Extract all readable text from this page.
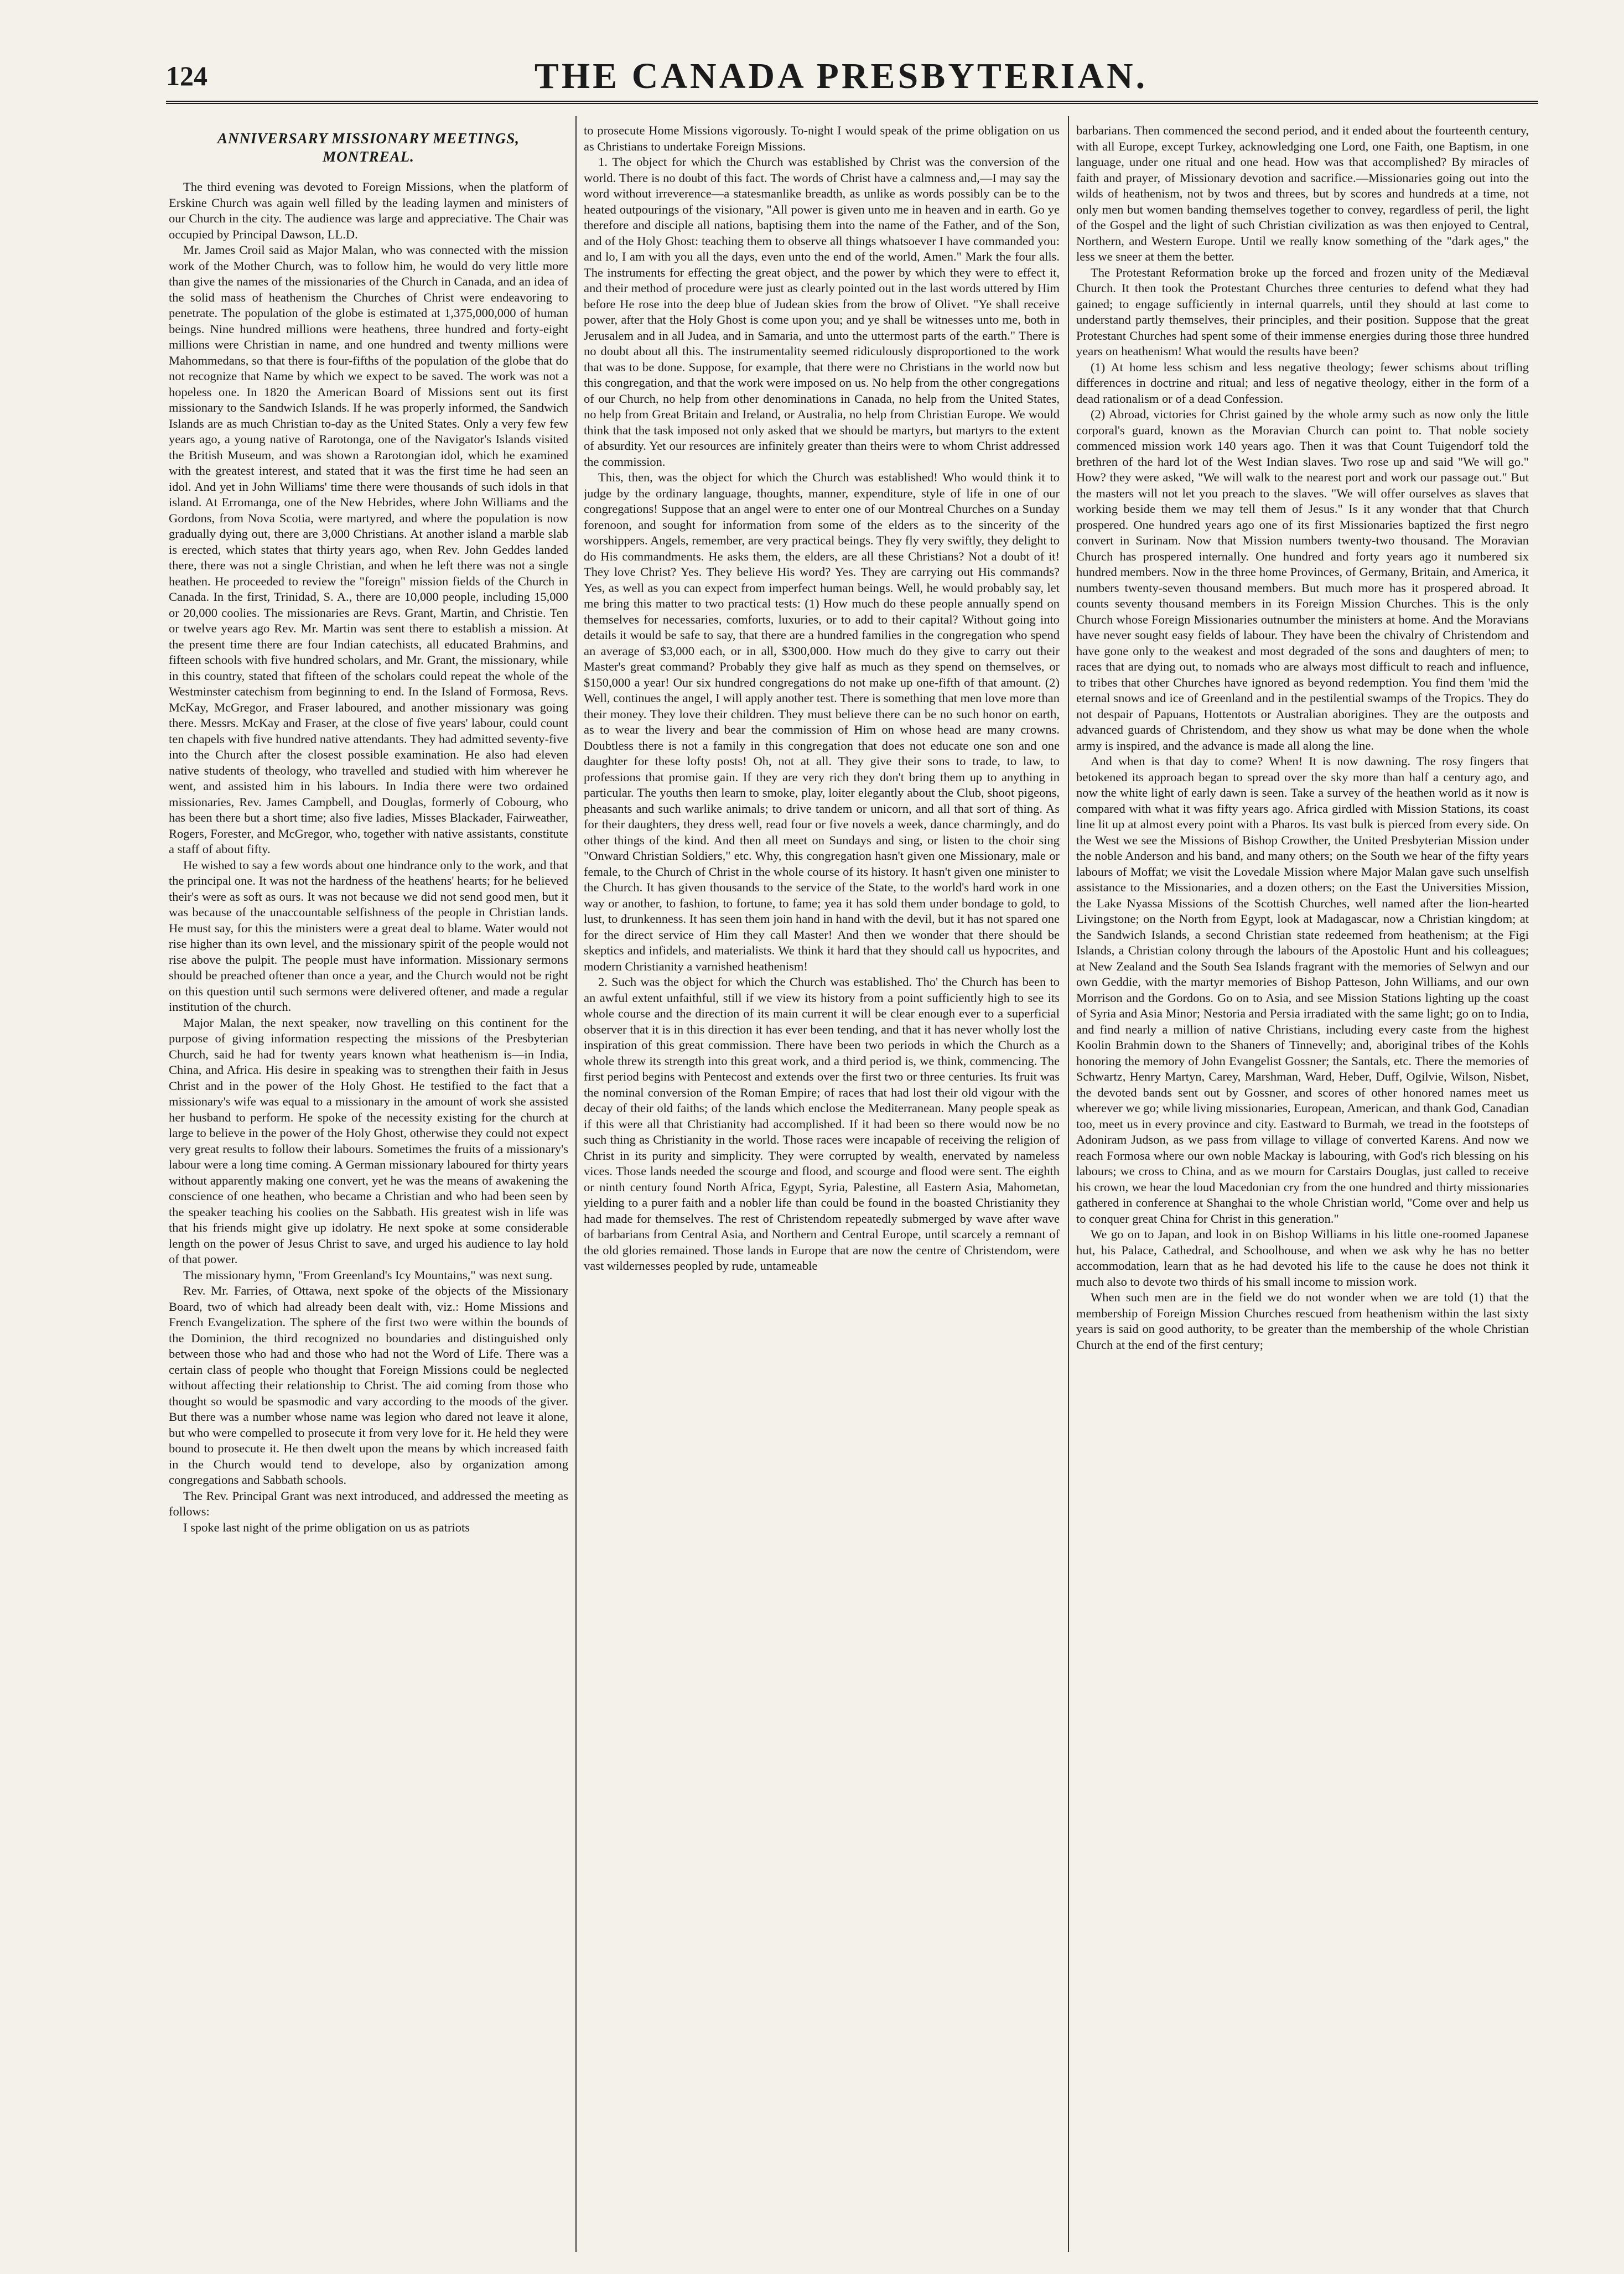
124	THE CANADA PRESBYTERIAN.
ANNIVERSARY MISSIONARY MEETINGS, MONTREAL.

The third evening was devoted to Foreign Missions, when the platform of Erskine Church was again well filled by the leading laymen and ministers of our Church in the city. The audience was large and appreciative. The Chair was occupied by Principal Dawson, LL.D.

Mr. James Croil said as Major Malan, who was connected with the mission work of the Mother Church, was to follow him, he would do very little more than give the names of the missionaries of the Church in Canada, and an idea of the solid mass of heathenism the Churches of Christ were endeavoring to penetrate. The population of the globe is estimated at 1,375,000,000 of human beings. Nine hundred millions were heathens, three hundred and forty-eight millions were Christian in name, and one hundred and twenty millions were Mahommedans, so that there is four-fifths of the population of the globe that do not recognize that Name by which we expect to be saved. The work was not a hopeless one. In 1820 the American Board of Missions sent out its first missionary to the Sandwich Islands. If he was properly informed, the Sandwich Islands are as much Christian to-day as the United States. Only a very few few years ago, a young native of Rarotonga, one of the Navigator's Islands visited the British Museum, and was shown a Rarotongian idol, which he examined with the greatest interest, and stated that it was the first time he had seen an idol. And yet in John Williams' time there were thousands of such idols in that island. At Erromanga, one of the New Hebrides, where John Williams and the Gordons, from Nova Scotia, were martyred, and where the population is now gradually dying out, there are 3,000 Christians. At another island a marble slab is erected, which states that thirty years ago, when Rev. John Geddes landed there, there was not a single Christian, and when he left there was not a single heathen. He proceeded to review the "foreign" mission fields of the Church in Canada. In the first, Trinidad, S. A., there are 10,000 people, including 15,000 or 20,000 coolies. The missionaries are Revs. Grant, Martin, and Christie. Ten or twelve years ago Rev. Mr. Martin was sent there to establish a mission. At the present time there are four Indian catechists, all educated Brahmins, and fifteen schools with five hundred scholars, and Mr. Grant, the missionary, while in this country, stated that fifteen of the scholars could repeat the whole of the Westminster catechism from beginning to end. In the Island of Formosa, Revs. McKay, McGregor, and Fraser laboured, and another missionary was going there. Messrs. McKay and Fraser, at the close of five years' labour, could count ten chapels with five hundred native attendants. They had admitted seventy-five into the Church after the closest possible examination. He also had eleven native students of theology, who travelled and studied with him wherever he went, and assisted him in his labours. In India there were two ordained missionaries, Rev. James Campbell, and Douglas, formerly of Cobourg, who has been there but a short time; also five ladies, Misses Blackader, Fairweather, Rogers, Forester, and McGregor, who, together with native assistants, constitute a staff of about fifty.

He wished to say a few words about one hindrance only to the work, and that the principal one. It was not the hardness of the heathens' hearts; for he believed their's were as soft as ours. It was not because we did not send good men, but it was because of the unaccountable selfishness of the people in Christian lands. He must say, for this the ministers were a great deal to blame. Water would not rise higher than its own level, and the missionary spirit of the people would not rise above the pulpit. The people must have information. Missionary sermons should be preached oftener than once a year, and the Church would not be right on this question until such sermons were delivered oftener, and made a regular institution of the church.

Major Malan, the next speaker, now travelling on this continent for the purpose of giving information respecting the missions of the Presbyterian Church, said he had for twenty years known what heathenism is—in India, China, and Africa. His desire in speaking was to strengthen their faith in Jesus Christ and in the power of the Holy Ghost. He testified to the fact that a missionary's wife was equal to a missionary in the amount of work she assisted her husband to perform. He spoke of the necessity existing for the church at large to believe in the power of the Holy Ghost, otherwise they could not expect very great results to follow their labours. Sometimes the fruits of a missionary's labour were a long time coming. A German missionary laboured for thirty years without apparently making one convert, yet he was the means of awakening the conscience of one heathen, who became a Christian and who had been seen by the speaker teaching his coolies on the Sabbath. His greatest wish in life was that his friends might give up idolatry. He next spoke at some considerable length on the power of Jesus Christ to save, and urged his audience to lay hold of that power.

The missionary hymn, "From Greenland's Icy Mountains," was next sung.

Rev. Mr. Farries, of Ottawa, next spoke of the objects of the Missionary Board, two of which had already been dealt with, viz.: Home Missions and French Evangelization. The sphere of the first two were within the bounds of the Dominion, the third recognized no boundaries and distinguished only between those who had and those who had not the Word of Life. There was a certain class of people who thought that Foreign Missions could be neglected without affecting their relationship to Christ. The aid coming from those who thought so would be spasmodic and vary according to the moods of the giver. But there was a number whose name was legion who dared not leave it alone, but who were compelled to prosecute it from very love for it. He held they were bound to prosecute it. He then dwelt upon the means by which increased faith in the Church would tend to develope, also by organization among congregations and Sabbath schools.

The Rev. Principal Grant was next introduced, and addressed the meeting as follows:

I spoke last night of the prime obligation on us as patriots

to prosecute Home Missions vigorously. To-night I would speak of the prime obligation on us as Christians to undertake Foreign Missions.

1. The object for which the Church was established by Christ was the conversion of the world. There is no doubt of this fact. The words of Christ have a calmness and,—I may say the word without irreverence—a statesmanlike breadth, as unlike as words possibly can be to the heated outpourings of the visionary, "All power is given unto me in heaven and in earth. Go ye therefore and disciple all nations, baptising them into the name of the Father, and of the Son, and of the Holy Ghost: teaching them to observe all things whatsoever I have commanded you: and lo, I am with you all the days, even unto the end of the world, Amen." Mark the four alls. The instruments for effecting the great object, and the power by which they were to effect it, and their method of procedure were just as clearly pointed out in the last words uttered by Him before He rose into the deep blue of Judean skies from the brow of Olivet. "Ye shall receive power, after that the Holy Ghost is come upon you; and ye shall be witnesses unto me, both in Jerusalem and in all Judea, and in Samaria, and unto the uttermost parts of the earth." There is no doubt about all this. The instrumentality seemed ridiculously disproportioned to the work that was to be done. Suppose, for example, that there were no Christians in the world now but this congregation, and that the work were imposed on us. No help from the other congregations of our Church, no help from other denominations in Canada, no help from the United States, no help from Great Britain and Ireland, or Australia, no help from Christian Europe. We would think that the task imposed not only asked that we should be martyrs, but martyrs to the extent of absurdity. Yet our resources are infinitely greater than theirs were to whom Christ addressed the commission.

This, then, was the object for which the Church was established! Who would think it to judge by the ordinary language, thoughts, manner, expenditure, style of life in one of our congregations! Suppose that an angel were to enter one of our Montreal Churches on a Sunday forenoon, and sought for information from some of the elders as to the sincerity of the worshippers. Angels, remember, are very practical beings. They fly very swiftly, they delight to do His commandments. He asks them, the elders, are all these Christians? Not a doubt of it! They love Christ? Yes. They believe His word? Yes. They are carrying out His commands? Yes, as well as you can expect from imperfect human beings. Well, he would probably say, let me bring this matter to two practical tests: (1) How much do these people annually spend on themselves for necessaries, comforts, luxuries, or to add to their capital? Without going into details it would be safe to say, that there are a hundred families in the congregation who spend an average of $3,000 each, or in all, $300,000. How much do they give to carry out their Master's great command? Probably they give half as much as they spend on themselves, or $150,000 a year! Our six hundred congregations do not make up one-fifth of that amount. (2) Well, continues the angel, I will apply another test. There is something that men love more than their money. They love their children. They must believe there can be no such honor on earth, as to wear the livery and bear the commission of Him on whose head are many crowns. Doubtless there is not a family in this congregation that does not educate one son and one daughter for these lofty posts! Oh, not at all. They give their sons to trade, to law, to professions that promise gain. If they are very rich they don't bring them up to anything in particular. The youths then learn to smoke, play, loiter elegantly about the Club, shoot pigeons, pheasants and such warlike animals; to drive tandem or unicorn, and all that sort of thing. As for their daughters, they dress well, read four or five novels a week, dance charmingly, and do other things of the kind. And then all meet on Sundays and sing, or listen to the choir sing "Onward Christian Soldiers," etc. Why, this congregation hasn't given one Missionary, male or female, to the Church of Christ in the whole course of its history. It hasn't given one minister to the Church. It has given thousands to the service of the State, to the world's hard work in one way or another, to fashion, to fortune, to fame; yea it has sold them under bondage to gold, to lust, to drunkenness. It has seen them join hand in hand with the devil, but it has not spared one for the direct service of Him they call Master! And then we wonder that there should be skeptics and infidels, and materialists. We think it hard that they should call us hypocrites, and modern Christianity a varnished heathenism!

2. Such was the object for which the Church was established. Tho' the Church has been to an awful extent unfaithful, still if we view its history from a point sufficiently high to see its whole course and the direction of its main current it will be clear enough ever to a superficial observer that it is in this direction it has ever been tending, and that it has never wholly lost the inspiration of this great commission. There have been two periods in which the Church as a whole threw its strength into this great work, and a third period is, we think, commencing. The first period begins with Pentecost and extends over the first two or three centuries. Its fruit was the nominal conversion of the Roman Empire; of races that had lost their old vigour with the decay of their old faiths; of the lands which enclose the Mediterranean. Many people speak as if this were all that Christianity had accomplished. If it had been so there would now be no such thing as Christianity in the world. Those races were incapable of receiving the religion of Christ in its purity and simplicity. They were corrupted by wealth, enervated by nameless vices. Those lands needed the scourge and flood, and scourge and flood were sent. The eighth or ninth century found North Africa, Egypt, Syria, Palestine, all Eastern Asia, Mahometan, yielding to a purer faith and a nobler life than could be found in the boasted Christianity they had made for themselves. The rest of Christendom repeatedly submerged by wave after wave of barbarians from Central Asia, and Northern and Central Europe, until scarcely a remnant of the old glories remained. Those lands in Europe that are now the centre of Christendom, were vast wildernesses peopled by rude, untameable

barbarians. Then commenced the second period, and it ended about the fourteenth century, with all Europe, except Turkey, acknowledging one Lord, one Faith, one Baptism, in one language, under one ritual and one head. How was that accomplished? By miracles of faith and prayer, of Missionary devotion and sacrifice.—Missionaries going out into the wilds of heathenism, not by twos and threes, but by scores and hundreds at a time, not only men but women banding themselves together to convey, regardless of peril, the light of the Gospel and the light of such Christian civilization as was then enjoyed to Central, Northern, and Western Europe. Until we really know something of the "dark ages," the less we sneer at them the better.

The Protestant Reformation broke up the forced and frozen unity of the Mediæval Church. It then took the Protestant Churches three centuries to defend what they had gained; to engage sufficiently in internal quarrels, until they should at last come to understand partly themselves, their principles, and their position. Suppose that the great Protestant Churches had spent some of their immense energies during those three hundred years on heathenism! What would the results have been?

(1) At home less schism and less negative theology; fewer schisms about trifling differences in doctrine and ritual; and less of negative theology, either in the form of a dead rationalism or of a dead Confession.

(2) Abroad, victories for Christ gained by the whole army such as now only the little corporal's guard, known as the Moravian Church can point to. That noble society commenced mission work 140 years ago. Then it was that Count Tuigendorf told the brethren of the hard lot of the West Indian slaves. Two rose up and said "We will go." How? they were asked, "We will walk to the nearest port and work our passage out." But the masters will not let you preach to the slaves. "We will offer ourselves as slaves that working beside them we may tell them of Jesus." Is it any wonder that that Church prospered. One hundred years ago one of its first Missionaries baptized the first negro convert in Surinam. Now that Mission numbers twenty-two thousand. The Moravian Church has prospered internally. One hundred and forty years ago it numbered six hundred members. Now in the three home Provinces, of Germany, Britain, and America, it numbers twenty-seven thousand members. But much more has it prospered abroad. It counts seventy thousand members in its Foreign Mission Churches. This is the only Church whose Foreign Missionaries outnumber the ministers at home. And the Moravians have never sought easy fields of labour. They have been the chivalry of Christendom and have gone only to the weakest and most degraded of the sons and daughters of men; to races that are dying out, to nomads who are always most difficult to reach and influence, to tribes that other Churches have ignored as beyond redemption. You find them 'mid the eternal snows and ice of Greenland and in the pestilential swamps of the Tropics. They do not despair of Papuans, Hottentots or Australian aborigines. They are the outposts and advanced guards of Christendom, and they show us what may be done when the whole army is inspired, and the advance is made all along the line.

And when is that day to come? When! It is now dawning. The rosy fingers that betokened its approach began to spread over the sky more than half a century ago, and now the white light of early dawn is seen. Take a survey of the heathen world as it now is compared with what it was fifty years ago. Africa girdled with Mission Stations, its coast line lit up at almost every point with a Pharos. Its vast bulk is pierced from every side. On the West we see the Missions of Bishop Crowther, the United Presbyterian Mission under the noble Anderson and his band, and many others; on the South we hear of the fifty years labours of Moffat; we visit the Lovedale Mission where Major Malan gave such unselfish assistance to the Missionaries, and a dozen others; on the East the Universities Mission, the Lake Nyassa Missions of the Scottish Churches, well named after the lion-hearted Livingstone; on the North from Egypt, look at Madagascar, now a Christian kingdom; at the Sandwich Islands, a second Christian state redeemed from heathenism; at the Figi Islands, a Christian colony through the labours of the Apostolic Hunt and his colleagues; at New Zealand and the South Sea Islands fragrant with the memories of Selwyn and our own Geddie, with the martyr memories of Bishop Patteson, John Williams, and our own Morrison and the Gordons. Go on to Asia, and see Mission Stations lighting up the coast of Syria and Asia Minor; Nestoria and Persia irradiated with the same light; go on to India, and find nearly a million of native Christians, including every caste from the highest Koolin Brahmin down to the Shaners of Tinnevelly; and, aboriginal tribes of the Kohls honoring the memory of John Evangelist Gossner; the Santals, etc. There the memories of Schwartz, Henry Martyn, Carey, Marshman, Ward, Heber, Duff, Ogilvie, Wilson, Nisbet, the devoted bands sent out by Gossner, and scores of other honored names meet us wherever we go; while living missionaries, European, American, and thank God, Canadian too, meet us in every province and city. Eastward to Burmah, we tread in the footsteps of Adoniram Judson, as we pass from village to village of converted Karens. And now we reach Formosa where our own noble Mackay is labouring, with God's rich blessing on his labours; we cross to China, and as we mourn for Carstairs Douglas, just called to receive his crown, we hear the loud Macedonian cry from the one hundred and thirty missionaries gathered in conference at Shanghai to the whole Christian world, "Come over and help us to conquer great China for Christ in this generation."

We go on to Japan, and look in on Bishop Williams in his little one-roomed Japanese hut, his Palace, Cathedral, and Schoolhouse, and when we ask why he has no better accommodation, learn that as he had devoted his life to the cause he does not think it much also to devote two thirds of his small income to mission work.

When such men are in the field we do not wonder when we are told (1) that the membership of Foreign Mission Churches rescued from heathenism within the last sixty years is said on good authority, to be greater than the membership of the whole Christian Church at the end of the first century;
